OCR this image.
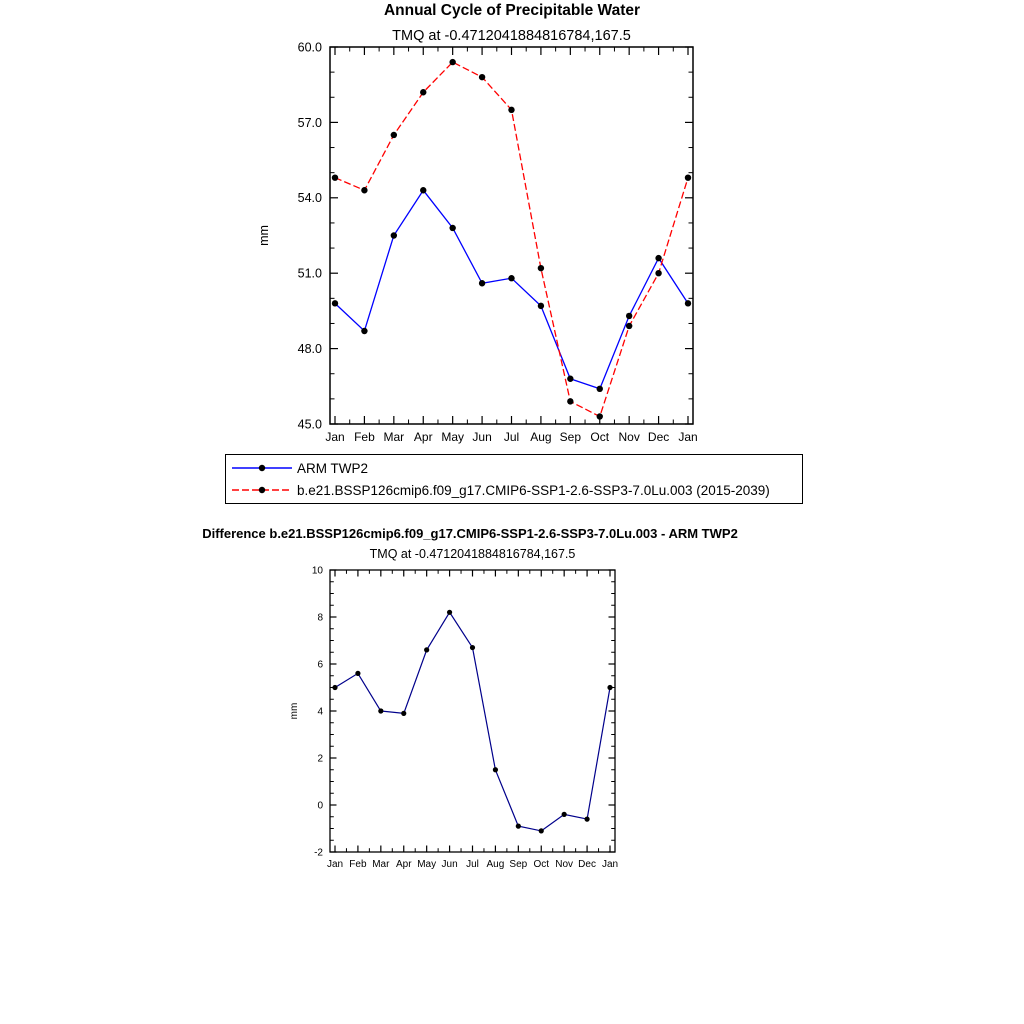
Annual Cycle of Precipitable Water
TMQ at -0.4712041884816784,167.5
45.0
48.0
51.0
54.0
57.0
60.0
Jan Feb Mar Apr May Jun Jul Aug Sep Oct Nov Dec Jan
mm
ARM TWP2
b.e21.BSSP126cmip6.f09_g17.CMIP6-SSP1-2.6-SSP3-7.0Lu.003 (2015-2039)
Difference b.e21.BSSP126cmip6.f09_g17.CMIP6-SSP1-2.6-SSP3-7.0Lu.003 - ARM TWP2
TMQ at -0.4712041884816784,167.5
-2
0
2
4
6
8
10
Jan Feb Mar Apr May Jun Jul Aug Sep Oct Nov Dec Jan
mm
